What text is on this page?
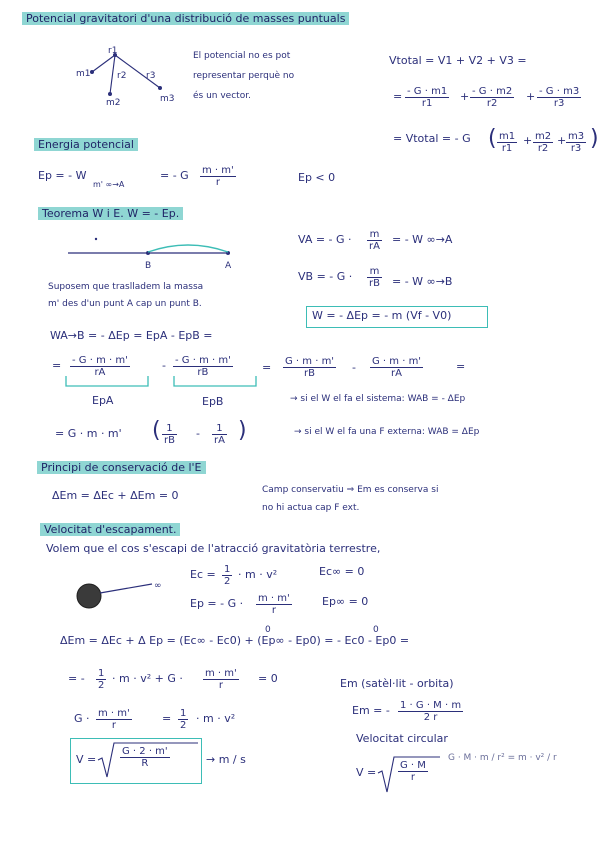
Potencial gravitatori d'una distribució de masses puntuals
m1
m2	m3
r1
r2 r3
El potencial no es pot
representar perquè no
és un vector.
Vtotal = V1 + V2 + V3 =
= $\frac{- G \cdot m1}{r1} + \frac{- G \cdot m2}{r2} + \frac{- G \cdot m3}{r3}$
= Vtotal = - G ( $\frac{m1}{r1} + \frac{m2}{r2} + \frac{m3}{r3}$ )
Energia potencial
Ep = - W
m' ∞→A
= - G $\frac{m \cdot m'}{r}$	Ep < 0
Teorema W i E. W = - Ep.
B	A
VA = - $G \cdot \frac{m}{rA}$ = - W ∞→A
VB = - $G \cdot \frac{m}{rB}$ = - W ∞→B
Suposem que traslladem la massa
m' des d'un punt A cap un punt B.
W = - ΔEp = - m (Vf - V0)
WA→B = - ΔEp = EpA - EpB =
= $\frac{- G \cdot m \cdot m'}{rA}$	- $\frac{- G \cdot m \cdot m'}{rB}$	= $\frac{G \cdot m \cdot m'}{rB} - \frac{G \cdot m \cdot m'}{rA}$	=
EpA	EpB	→ si el W el fa el sistema: WAB = - ΔEp
→ si el W el fa una F externa: WAB = ΔEp
= G · m · m' ( $\frac{1}{rB} - \frac{1}{rA}$ )
Principi de conservació de l'E
ΔEm = ΔEc + ΔEm = 0	Camp conservatiu ⇒ Em es conserva si
no hi actua cap F ext.
Velocitat d'escapament.
Volem que el cos s'escapi de l'atracció gravitatòria terrestre,
∞
$Ec = \frac{1}{2} \cdot m \cdot v^2$	Ec∞ = 0
Ep = - $G \cdot \frac{m \cdot m'}{r}$	Ep∞ = 0
ΔEm = ΔEc + Δ Ep = (Ec∞ - Ec0) + (Ep∞ - Ep0) = - Ec0 - Ep0 =
0	0
= - $\frac{1}{2} \cdot m \cdot v^2 + G \cdot \frac{m \cdot m'}{r} = 0$	Em (satèl·lit - orbita)
Em = - $\frac{1 \cdot G \cdot M \cdot m}{2 r}$
$G \cdot \frac{m \cdot m'}{r}$	= $\frac{1}{2} \cdot m \cdot v^2$
Velocitat circular
$V = \frac{G \cdot 2 \cdot m'}{R}$	→ m / s
$V = \frac{G \cdot M}{r}$
G · M · m / r² = m · v² / r
